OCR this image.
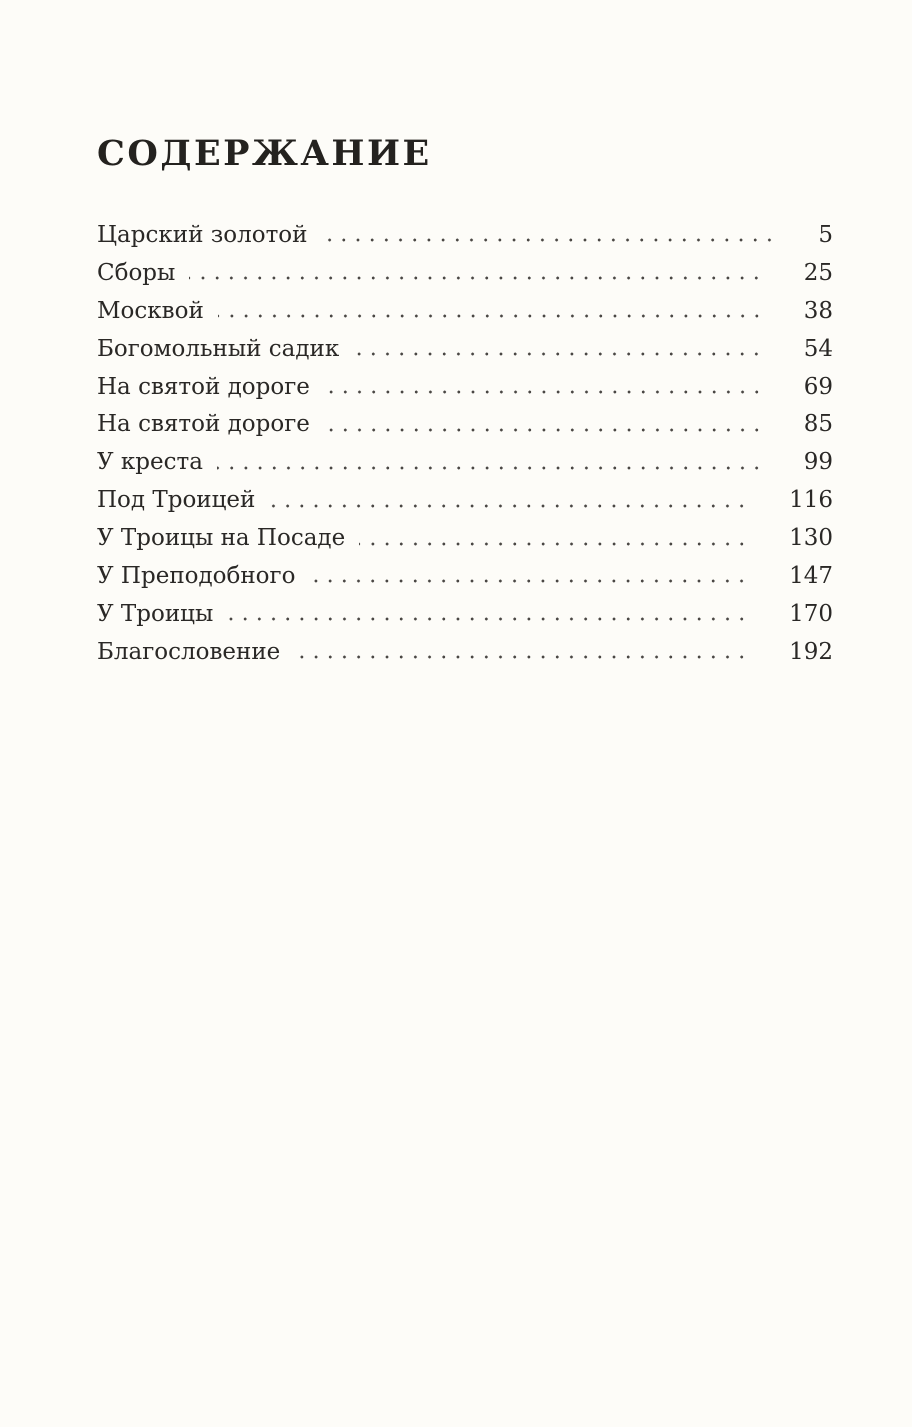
СОДЕРЖАНИЕ
Царский золотой	5
Сборы	25
Москвой	38
Богомольный садик	54
На святой дороге	69
На святой дороге	85
У креста	99
Под Троицей	116
У Троицы на Посаде	130
У Преподобного	147
У Троицы	170
Благословение	192
